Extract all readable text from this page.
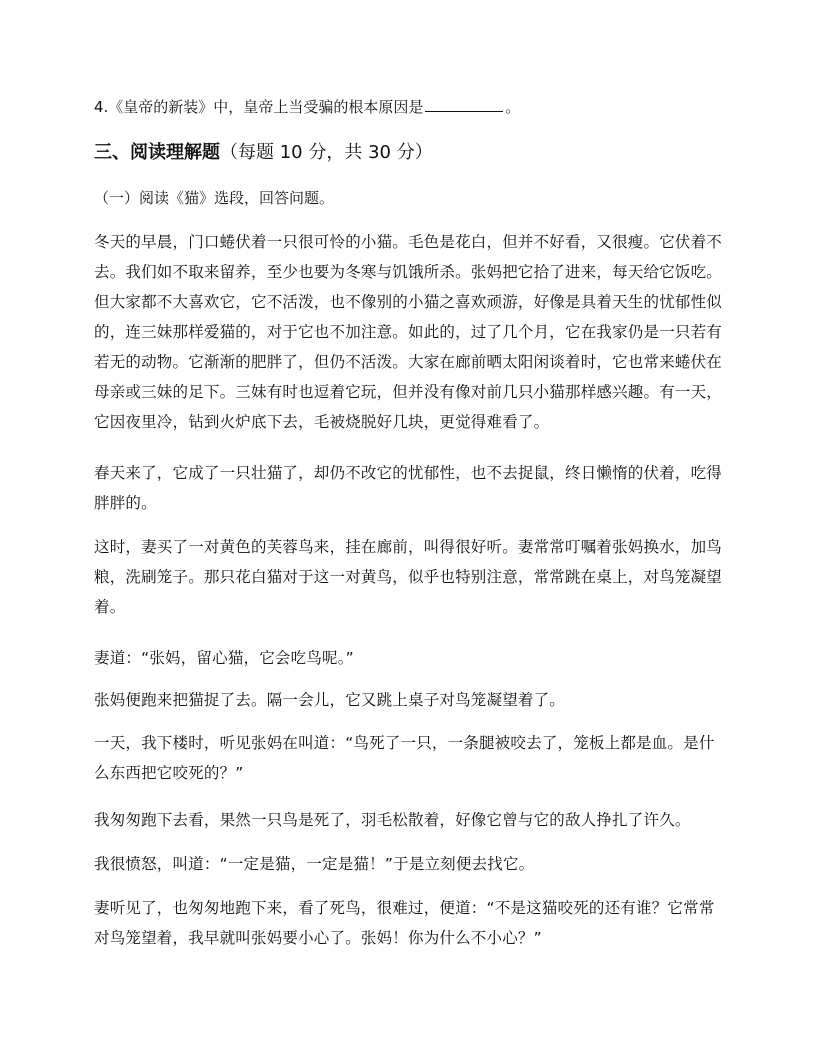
4.《皇帝的新装》中，皇帝上当受骗的根本原因是	。
三、阅读理解题（每题 10 分，共 30 分）
（一）阅读《猫》选段，回答问题。
冬天的早晨，门口蜷伏着一只很可怜的小猫。毛色是花白，但并不好看，又很瘦。它伏着不去。我们如不取来留养，至少也要为冬寒与饥饿所杀。张妈把它拾了进来，每天给它饭吃。但大家都不大喜欢它，它不活泼，也不像别的小猫之喜欢顽游，好像是具着天生的忧郁性似的，连三妹那样爱猫的，对于它也不加注意。如此的，过了几个月，它在我家仍是一只若有若无的动物。它渐渐的肥胖了，但仍不活泼。大家在廊前晒太阳闲谈着时，它也常来蜷伏在母亲或三妹的足下。三妹有时也逗着它玩，但并没有像对前几只小猫那样感兴趣。有一天，它因夜里冷，钻到火炉底下去，毛被烧脱好几块，更觉得难看了。
春天来了，它成了一只壮猫了，却仍不改它的忧郁性，也不去捉鼠，终日懒惰的伏着，吃得胖胖的。
这时，妻买了一对黄色的芙蓉鸟来，挂在廊前，叫得很好听。妻常常叮嘱着张妈换水，加鸟粮，洗刷笼子。那只花白猫对于这一对黄鸟，似乎也特别注意，常常跳在桌上，对鸟笼凝望着。
妻道：“张妈，留心猫，它会吃鸟呢。”
张妈便跑来把猫捉了去。隔一会儿，它又跳上桌子对鸟笼凝望着了。
一天，我下楼时，听见张妈在叫道：“鸟死了一只，一条腿被咬去了，笼板上都是血。是什么东西把它咬死的？”
我匆匆跑下去看，果然一只鸟是死了，羽毛松散着，好像它曾与它的敌人挣扎了许久。
我很愤怒，叫道：“一定是猫，一定是猫！”于是立刻便去找它。
妻听见了，也匆匆地跑下来，看了死鸟，很难过，便道：“不是这猫咬死的还有谁？它常常对鸟笼望着，我早就叫张妈要小心了。张妈！你为什么不小心？”
